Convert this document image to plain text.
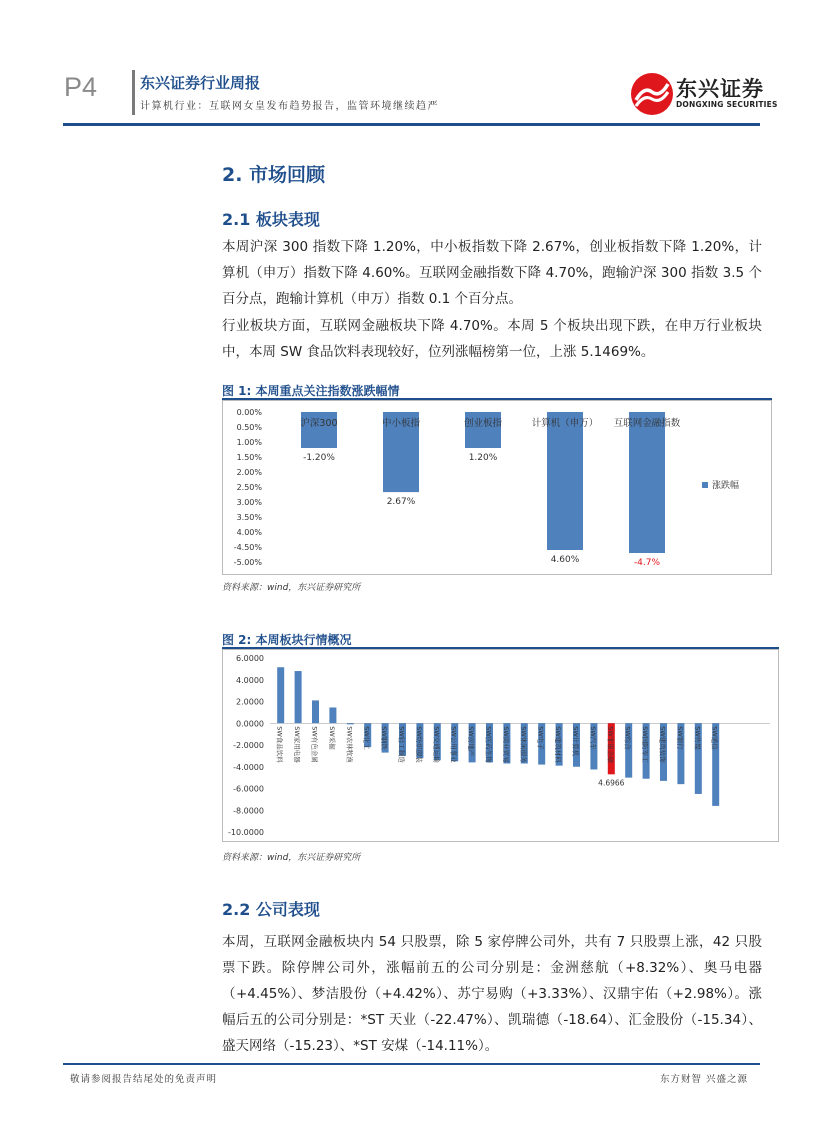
P4	东兴证券行业周报
计算机行业：互联网女皇发布趋势报告，监管环境继续趋严
东兴证券
DONGXING SECURITIES
2. 市场回顾
2.1 板块表现

本周沪深 300 指数下降 1.20%，中小板指数下降 2.67%，创业板指数下降 1.20%，计算机（申万）指数下降 4.60%。互联网金融指数下降 4.70%，跑输沪深 300 指数 3.5 个百分点，跑输计算机（申万）指数 0.1 个百分点。

行业板块方面，互联网金融板块下降 4.70%。本周 5 个板块出现下跌，在申万行业板块中，本周 SW 食品饮料表现较好，位列涨幅榜第一位，上涨 5.1469%。

图 1: 本周重点关注指数涨跌幅情
0.00%
0.50%
1.00%
1.50%
2.00%
2.50%
3.00%
3.50%
4.00%
-4.50%
-5.00%
沪深300
-1.20%
中小板指
2.67%
创业板指
1.20%
计算机（申万）
4.60%
互联网金融指数
-4.7%
涨跌幅
资料来源：wind，东兴证券研究所
图 2: 本周板块行情概况
6.0000
4.0000
2.0000
0.0000
-2.0000
-4.0000
-6.0000
-8.0000
-10.0000
SW食品饮料 SW家用电器 SW有色金属 SW采掘 SW农林牧渔 SW化工 SW钢铁 SW轻工制造 SW纺织服装 SW交通运输 SW公用事业 SW房地产 SW医药生物 SW商业贸易 SW休闲服务 SW电子 SW建筑材料 SW计算机 SW汽车 SW非银金融 SW综合 SW国防军工 SW建筑装饰 SW银行 SW传媒 SW通信
4.6966
资料来源：wind，东兴证券研究所
2.2 公司表现

本周，互联网金融板块内 54 只股票，除 5 家停牌公司外，共有 7 只股票上涨，42 只股票下跌。除停牌公司外，涨幅前五的公司分别是：金洲慈航（+8.32%）、奥马电器（+4.45%）、梦洁股份（+4.42%）、苏宁易购（+3.33%）、汉鼎宇佑（+2.98%）。涨幅后五的公司分别是：*ST 天业（-22.47%）、凯瑞德（-18.64）、汇金股份（-15.34）、盛天网络（-15.23）、*ST 安煤（-14.11%）。

敬请参阅报告结尾处的免责声明	东方财智 兴盛之源
